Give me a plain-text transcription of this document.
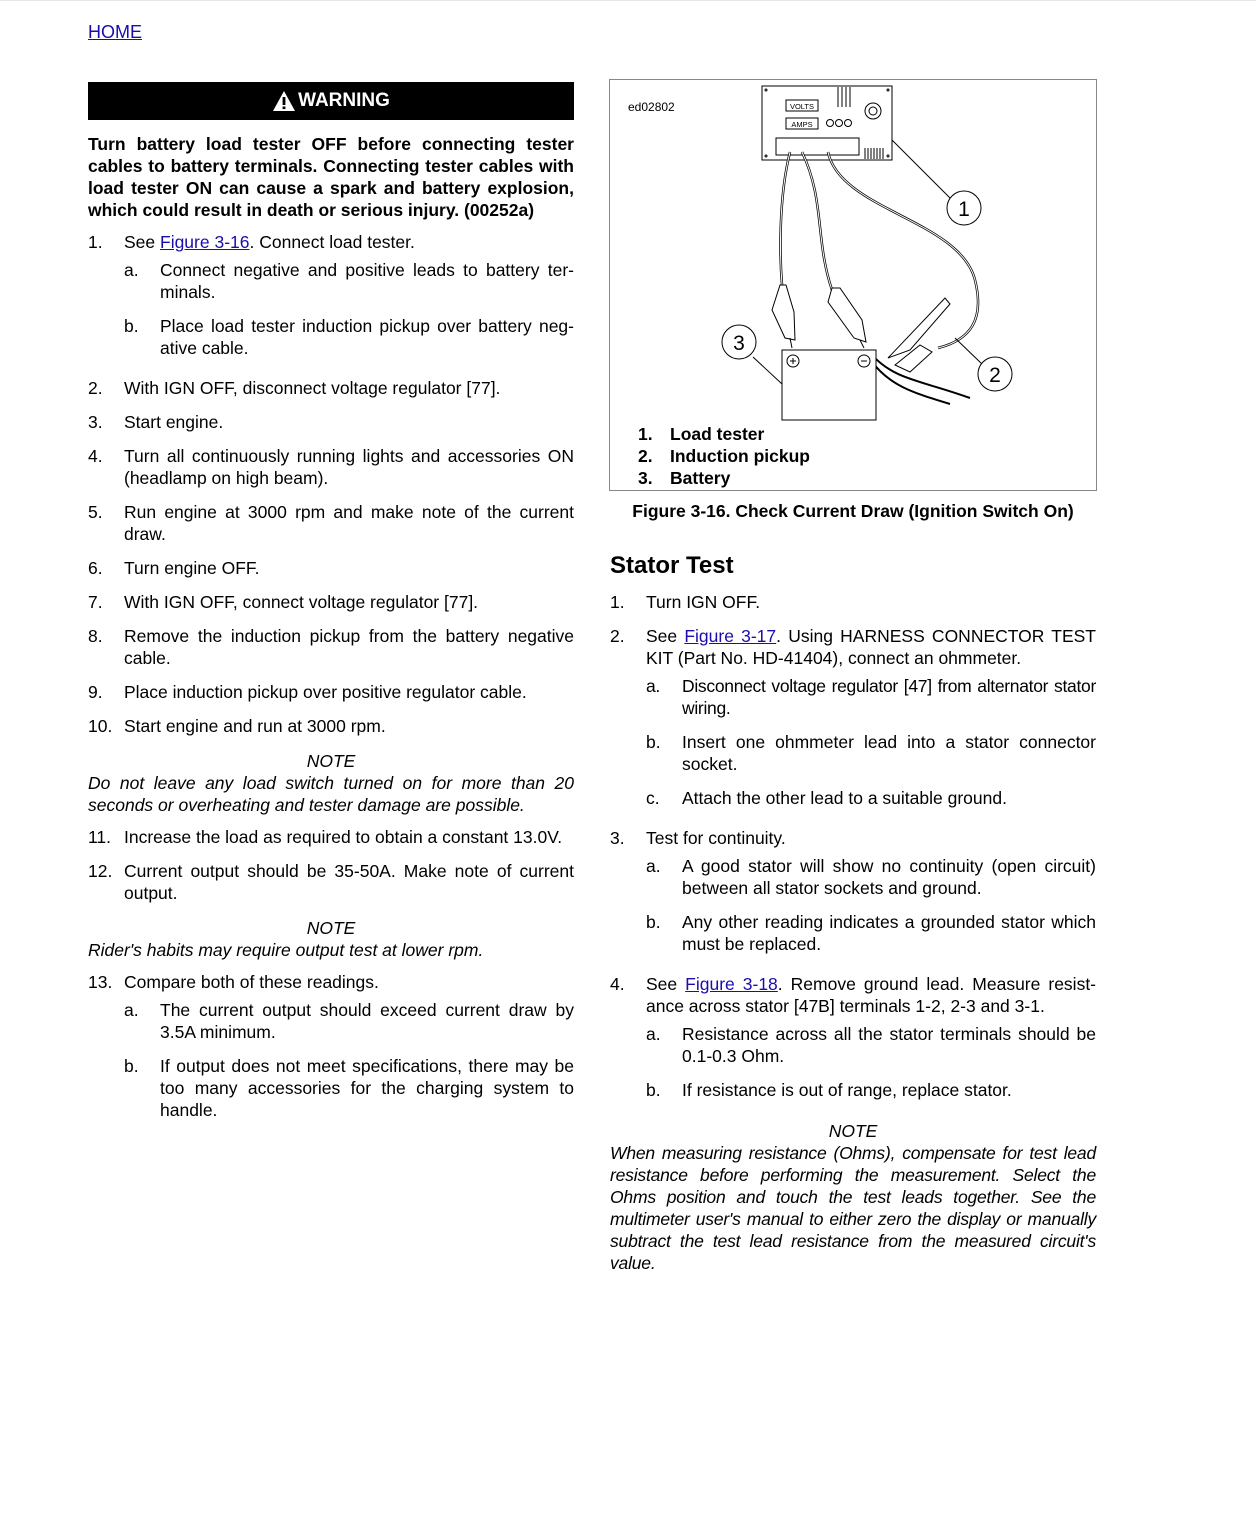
HOME
WARNING
Turn battery load tester OFF before connecting tester cables to battery terminals. Connecting tester cables with load tester ON can cause a spark and battery explosion, which could result in death or serious injury. (00252a)
1. See Figure 3-16. Connect load tester.
a. Connect negative and positive leads to battery ter-minals.
b. Place load tester induction pickup over battery neg-ative cable.
2. With IGN OFF, disconnect voltage regulator [77].
3. Start engine.
4. Turn all continuously running lights and accessories ON (headlamp on high beam).
5. Run engine at 3000 rpm and make note of the current draw.
6. Turn engine OFF.
7. With IGN OFF, connect voltage regulator [77].
8. Remove the induction pickup from the battery negative cable.
9. Place induction pickup over positive regulator cable.
10. Start engine and run at 3000 rpm.
NOTE
Do not leave any load switch turned on for more than 20 seconds or overheating and tester damage are possible.
11. Increase the load as required to obtain a constant 13.0V.
12. Current output should be 35-50A. Make note of current output.
NOTE
Rider's habits may require output test at lower rpm.
13. Compare both of these readings.
a. The current output should exceed current draw by 3.5A minimum.
b. If output does not meet specifications, there may be too many accessories for the charging system to handle.
ed02802	VOLTS
AMPS
1
2
3
1. Load tester
2. Induction pickup
3. Battery
Figure 3-16. Check Current Draw (Ignition Switch On)
Stator Test
1. Turn IGN OFF.
2. See Figure 3-17. Using HARNESS CONNECTOR TEST KIT (Part No. HD-41404), connect an ohmmeter.
a. Disconnect voltage regulator [47] from alternator stator wiring.
b. Insert one ohmmeter lead into a stator connector socket.
c. Attach the other lead to a suitable ground.
3. Test for continuity.
a. A good stator will show no continuity (open circuit) between all stator sockets and ground.
b. Any other reading indicates a grounded stator which must be replaced.
4. See Figure 3-18. Remove ground lead. Measure resist-ance across stator [47B] terminals 1-2, 2-3 and 3-1.
a. Resistance across all the stator terminals should be 0.1-0.3 Ohm.
b. If resistance is out of range, replace stator.
NOTE
When measuring resistance (Ohms), compensate for test lead resistance before performing the measurement. Select the Ohms position and touch the test leads together. See the multimeter user's manual to either zero the display or manually subtract the test lead resistance from the measured circuit's value.
